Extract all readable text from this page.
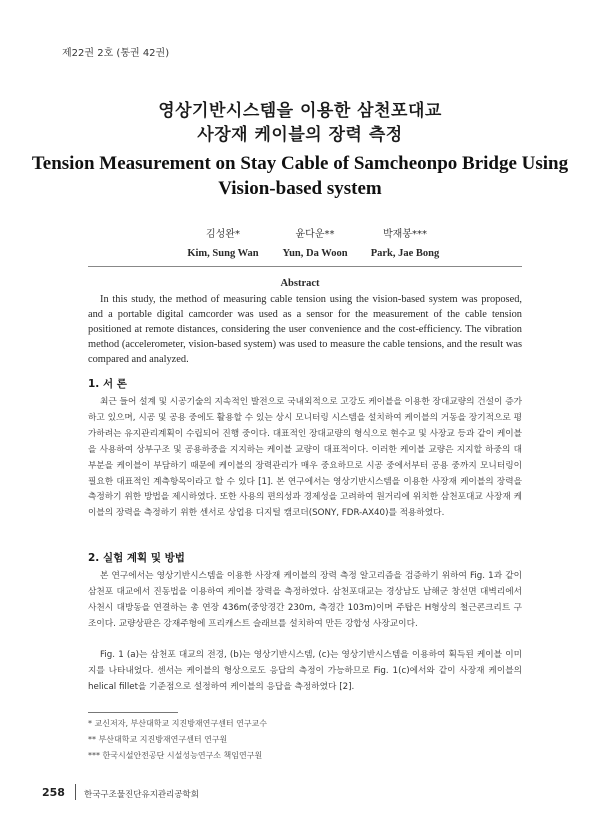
제22권 2호 (통권 42권)
영상기반시스템을 이용한 삼천포대교
사장재 케이블의 장력 측정
Tension Measurement on Stay Cable of Samcheonpo Bridge Using
Vision-based system
김성완*
Kim, Sung Wan
윤다운**
Yun, Da Woon
박재봉***
Park, Jae Bong
Abstract
In this study, the method of measuring cable tension using the vision-based system was proposed, and a portable digital camcorder was used as a sensor for the measurement of the cable tension positioned at remote distances, considering the user convenience and the cost-efficiency. The vibration method (accelerometer, vision-based system) was used to measure the cable tensions, and the result was compared and analyzed.
1. 서 론
최근 들어 설계 및 시공기술의 지속적인 발전으로 국내외적으로 고강도 케이블을 이용한 장대교량의 건설이 증가하고 있으며, 시공 및 공용 중에도 활용할 수 있는 상시 모니터링 시스템을 설치하여 케이블의 거동을 장기적으로 평가하려는 유지관리계획이 수립되어 진행 중이다. 대표적인 장대교량의 형식으로 현수교 및 사장교 등과 같이 케이블을 사용하여 상부구조 및 공용하중을 지지하는 케이블 교량이 대표적이다. 이러한 케이블 교량은 지지할 하중의 대부분을 케이블이 부담하기 때문에 케이블의 장력관리가 매우 중요하므로 시공 중에서부터 공용 중까지 모니터링이 필요한 대표적인 계측항목이라고 할 수 있다 [1]. 본 연구에서는 영상기반시스템을 이용한 사장재 케이블의 장력을 측정하기 위한 방법을 제시하였다. 또한 사용의 편의성과 경제성을 고려하여 원거리에 위치한 삼천포대교 사장재 케이블의 장력을 측정하기 위한 센서로 상업용 디지털 캠코더(SONY, FDR-AX40)를 적용하였다.
2. 실험 계획 및 방법
본 연구에서는 영상기반시스템을 이용한 사장재 케이블의 장력 측정 알고리즘을 검증하기 위하여 Fig. 1과 같이 삼천포 대교에서 진동법을 이용하여 케이블 장력을 측정하였다. 삼천포대교는 경상남도 남해군 창선면 대벽리에서 사천시 대방동을 연결하는 총 연장 436m(중앙경간 230m, 측경간 103m)이며 주탑은 H형상의 철근콘크리트 구조이다. 교량상판은 강재주형에 프리캐스트 슬래브를 설치하여 만든 강합성 사장교이다.
Fig. 1 (a)는 삼천포 대교의 전경, (b)는 영상기반시스템, (c)는 영상기반시스템을 이용하여 획득된 케이블 이미지를 나타내었다. 센서는 케이블의 형상으로도 응답의 측정이 가능하므로 Fig. 1(c)에서와 같이 사장재 케이블의 helical fillet을 기준점으로 설정하여 케이블의 응답을 측정하였다 [2].
* 교신저자, 부산대학교 지진방재연구센터 연구교수
** 부산대학교 지진방재연구센터 연구원
*** 한국시설안전공단 시설성능연구소 책임연구원
258 한국구조물진단유지관리공학회
